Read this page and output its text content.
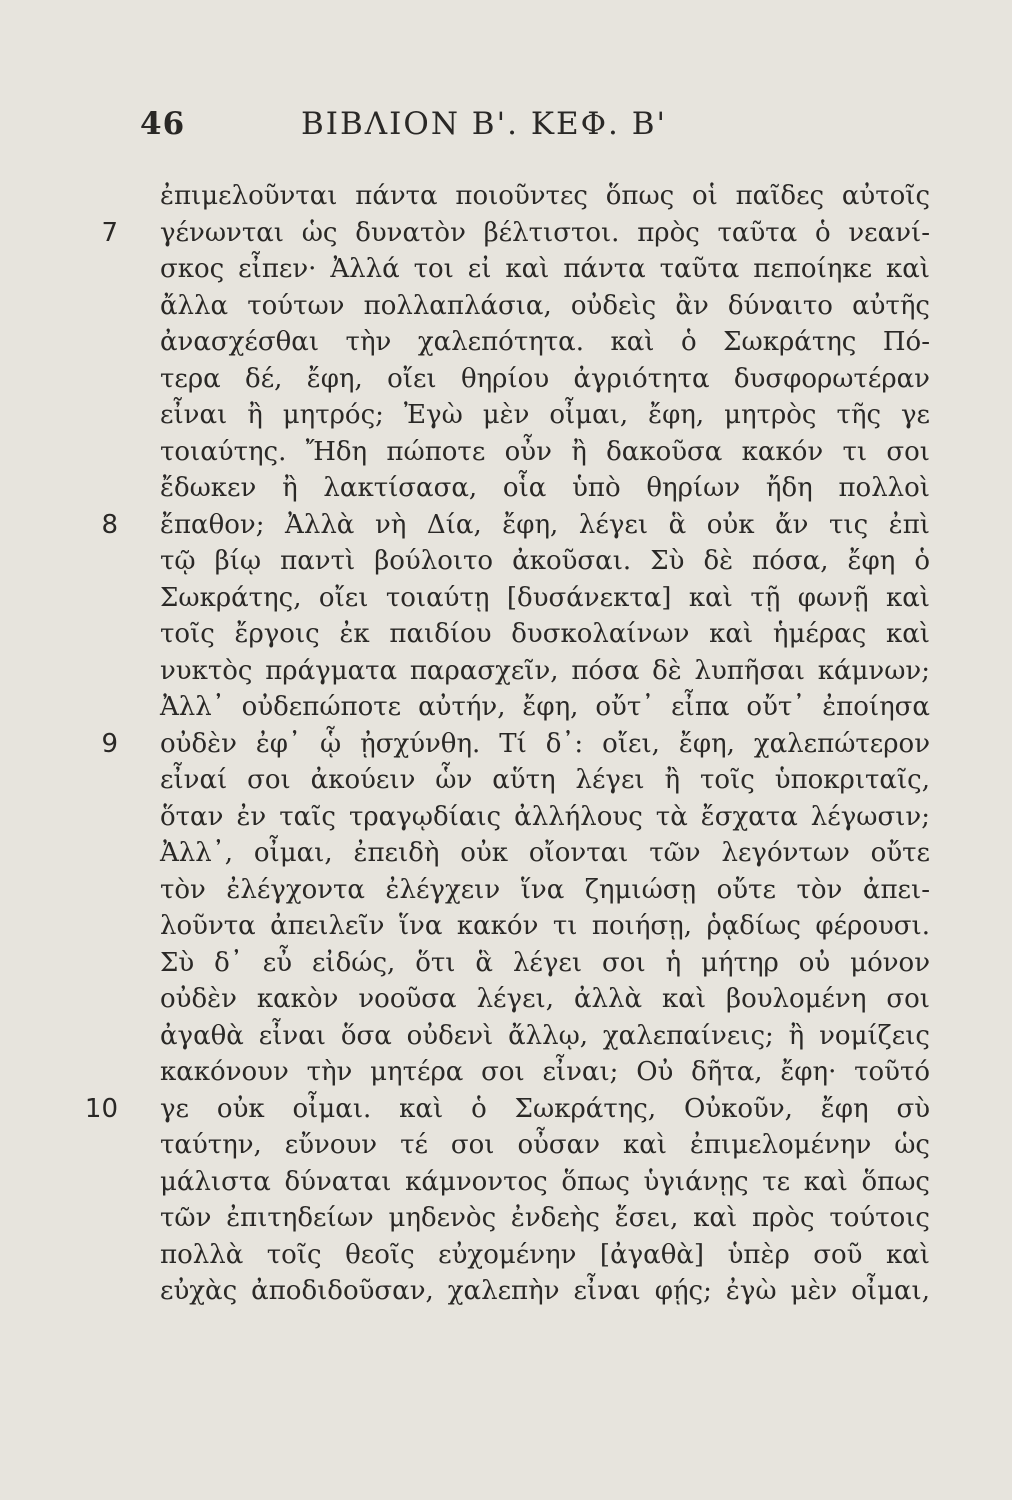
46	ΒΙΒΛΙΟΝ Β'. ΚΕΦ. Β'
ἐπιμελοῦνται πάντα ποιοῦντες ὅπως οἱ παῖδες αὐτοῖς
7 γένωνται ὡς δυνατὸν βέλτιστοι. πρὸς ταῦτα ὁ νεανί-
σκος εἶπεν· Ἀλλά τοι εἰ καὶ πάντα ταῦτα πεποίηκε καὶ
ἄλλα τούτων πολλαπλάσια, οὐδεὶς ἂν δύναιτο αὐτῆς
ἀνασχέσθαι τὴν χαλεπότητα. καὶ ὁ Σωκράτης Πό-
τερα δέ, ἔφη, οἴει θηρίου ἀγριότητα δυσφορωτέραν
εἶναι ἢ μητρός; Ἐγὼ μὲν οἶμαι, ἔφη, μητρὸς τῆς γε
τοιαύτης. Ἤδη πώποτε οὖν ἢ δακοῦσα κακόν τι σοι
ἔδωκεν ἢ λακτίσασα, οἷα ὑπὸ θηρίων ἤδη πολλοὶ
8 ἔπαθον; Ἀλλὰ νὴ Δία, ἔφη, λέγει ἃ οὐκ ἄν τις ἐπὶ
τῷ βίῳ παντὶ βούλοιτο ἀκοῦσαι. Σὺ δὲ πόσα, ἔφη ὁ
Σωκράτης, οἴει τοιαύτῃ [δυσάνεκτα] καὶ τῇ φωνῇ καὶ
τοῖς ἔργοις ἐκ παιδίου δυσκολαίνων καὶ ἡμέρας καὶ
νυκτὸς πράγματα παρασχεῖν, πόσα δὲ λυπῆσαι κάμνων;
Ἀλλ᾽ οὐδεπώποτε αὐτήν, ἔφη, οὔτ᾽ εἶπα οὔτ᾽ ἐποίησα
9 οὐδὲν ἐφ᾽ ᾧ ᾐσχύνθη. Τί δ᾽: οἴει, ἔφη, χαλεπώτερον
εἶναί σοι ἀκούειν ὧν αὕτη λέγει ἢ τοῖς ὑποκριταῖς,
ὅταν ἐν ταῖς τραγῳδίαις ἀλλήλους τὰ ἔσχατα λέγωσιν;
Ἀλλ᾽, οἶμαι, ἐπειδὴ οὐκ οἴονται τῶν λεγόντων οὔτε
τὸν ἐλέγχοντα ἐλέγχειν ἵνα ζημιώσῃ οὔτε τὸν ἀπει-
λοῦντα ἀπειλεῖν ἵνα κακόν τι ποιήσῃ, ῥᾳδίως φέρουσι.
Σὺ δ᾽ εὖ εἰδώς, ὅτι ἃ λέγει σοι ἡ μήτηρ οὐ μόνον
οὐδὲν κακὸν νοοῦσα λέγει, ἀλλὰ καὶ βουλομένη σοι
ἀγαθὰ εἶναι ὅσα οὐδενὶ ἄλλῳ, χαλεπαίνεις; ἢ νομίζεις
κακόνουν τὴν μητέρα σοι εἶναι; Οὐ δῆτα, ἔφη· τοῦτό
10 γε οὐκ οἶμαι. καὶ ὁ Σωκράτης, Οὐκοῦν, ἔφη σὺ
ταύτην, εὔνουν τέ σοι οὖσαν καὶ ἐπιμελομένην ὡς
μάλιστα δύναται κάμνοντος ὅπως ὑγιάνῃς τε καὶ ὅπως
τῶν ἐπιτηδείων μηδενὸς ἐνδεὴς ἔσει, καὶ πρὸς τούτοις
πολλὰ τοῖς θεοῖς εὐχομένην [ἀγαθὰ] ὑπὲρ σοῦ καὶ
εὐχὰς ἀποδιδοῦσαν, χαλεπὴν εἶναι φῄς; ἐγὼ μὲν οἶμαι,
